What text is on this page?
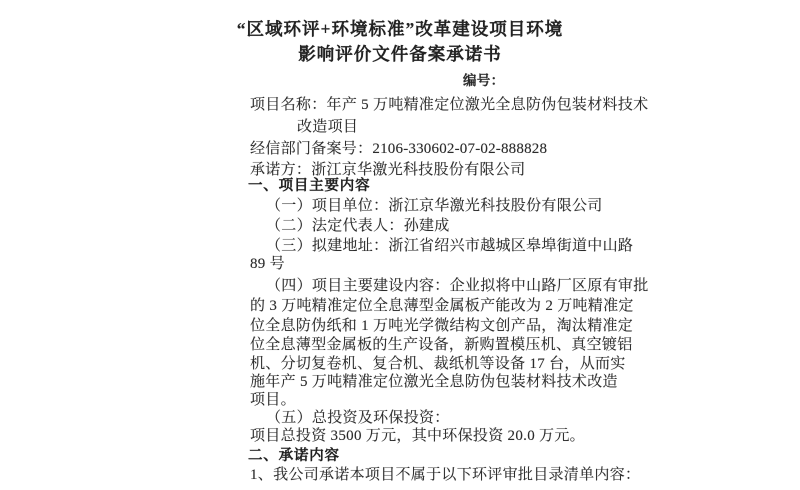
“区域环评+环境标准”改革建设项目环境
影响评价文件备案承诺书
编号：
项目名称：年产 5 万吨精准定位激光全息防伪包装材料技术
改造项目
经信部门备案号：2106-330602-07-02-888828
承诺方：浙江京华激光科技股份有限公司
一、项目主要内容
（一）项目单位：浙江京华激光科技股份有限公司
（二）法定代表人：孙建成
（三）拟建地址：浙江省绍兴市越城区皋埠街道中山路
89 号
（四）项目主要建设内容：企业拟将中山路厂区原有审批
的 3 万吨精准定位全息薄型金属板产能改为 2 万吨精准定
位全息防伪纸和 1 万吨光学微结构文创产品，淘汰精准定
位全息薄型金属板的生产设备，新购置模压机、真空镀铝
机、分切复卷机、复合机、裁纸机等设备 17 台，从而实
施年产 5 万吨精准定位激光全息防伪包装材料技术改造
项目。
（五）总投资及环保投资：
项目总投资 3500 万元，其中环保投资 20.0 万元。
二、承诺内容
1、我公司承诺本项目不属于以下环评审批目录清单内容：
